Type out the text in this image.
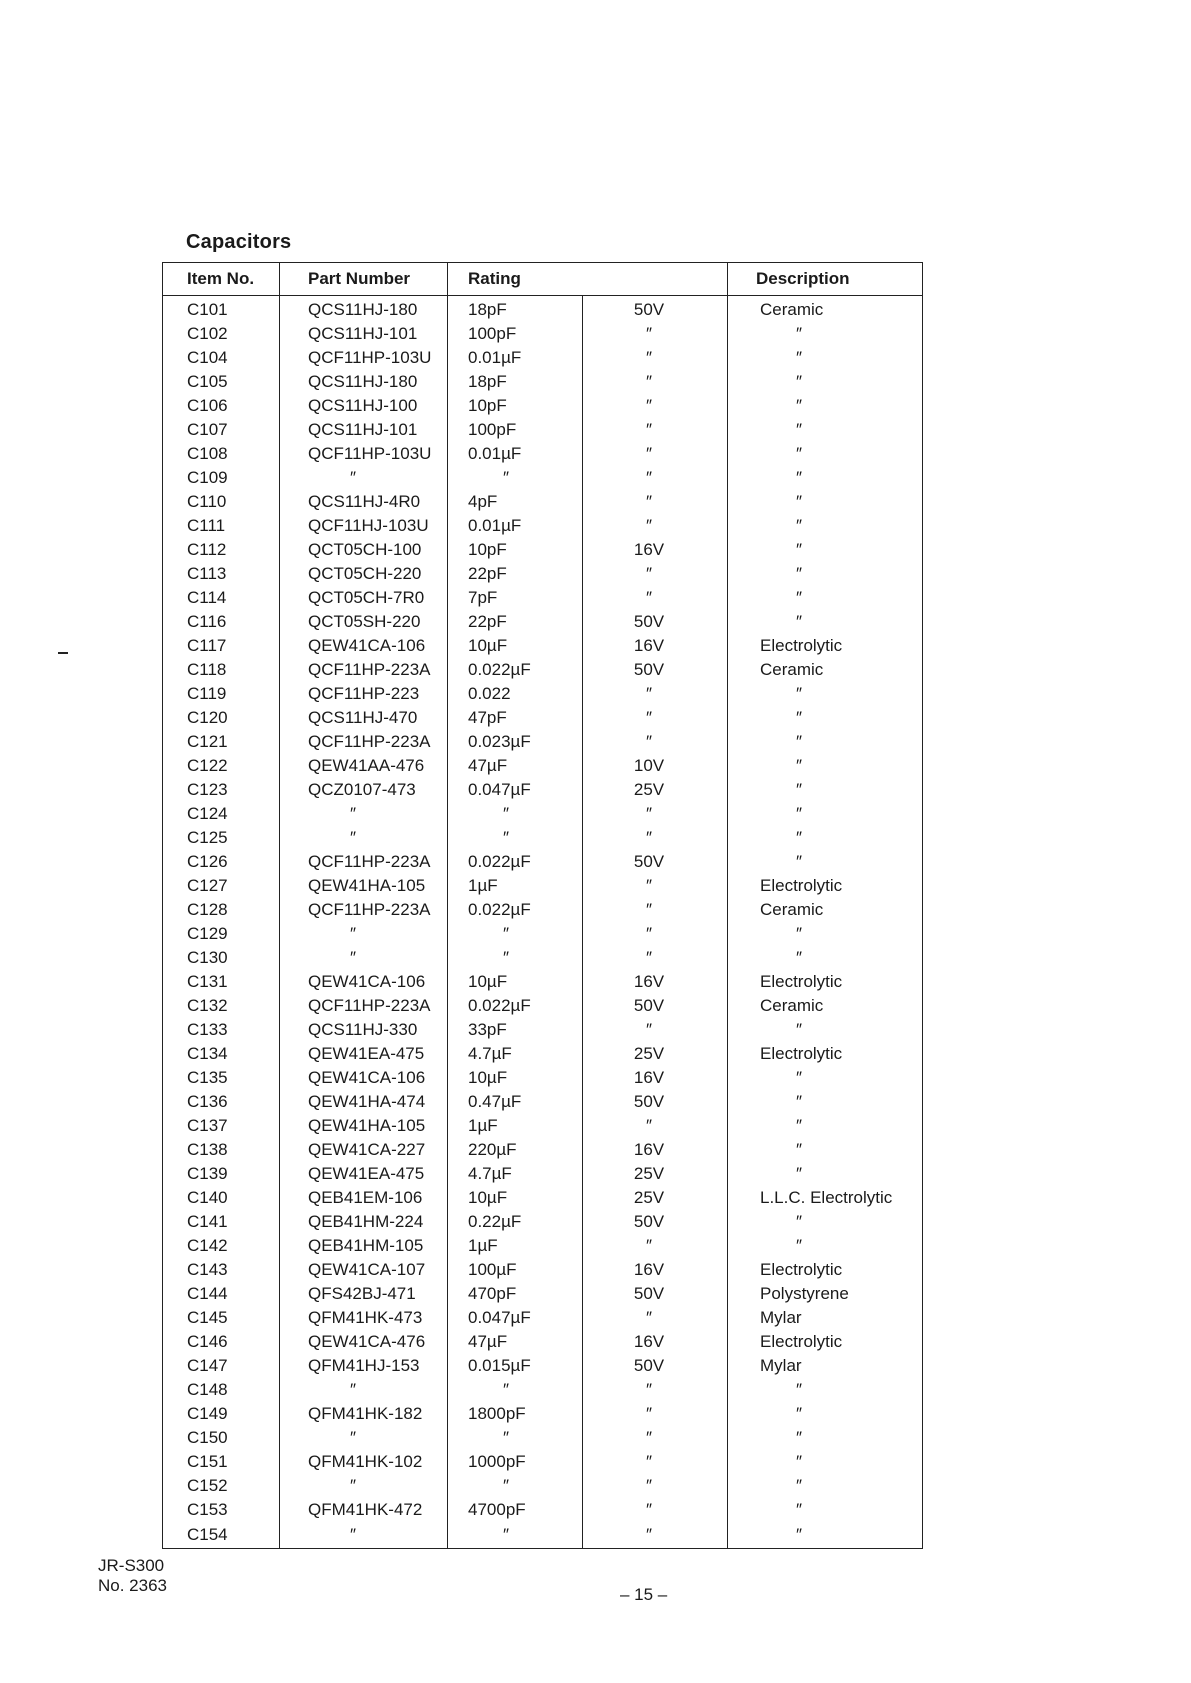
Capacitors
Item No.	Part Number	Rating		Description
C101	QCS11HJ-180	18pF	50V	Ceramic
C102	QCS11HJ-101	100pF	″	″
C104	QCF11HP-103U	0.01µF	″	″
C105	QCS11HJ-180	18pF	″	″
C106	QCS11HJ-100	10pF	″	″
C107	QCS11HJ-101	100pF	″	″
C108	QCF11HP-103U	0.01µF	″	″
C109	″	″	″	″
C110	QCS11HJ-4R0	4pF	″	″
C111	QCF11HJ-103U	0.01µF	″	″
C112	QCT05CH-100	10pF	16V	″
C113	QCT05CH-220	22pF	″	″
C114	QCT05CH-7R0	7pF	″	″
C116	QCT05SH-220	22pF	50V	″
C117	QEW41CA-106	10µF	16V	Electrolytic
C118	QCF11HP-223A	0.022µF	50V	Ceramic
C119	QCF11HP-223	0.022	″	″
C120	QCS11HJ-470	47pF	″	″
C121	QCF11HP-223A	0.023µF	″	″
C122	QEW41AA-476	47µF	10V	″
C123	QCZ0107-473	0.047µF	25V	″
C124	″	″	″	″
C125	″	″	″	″
C126	QCF11HP-223A	0.022µF	50V	″
C127	QEW41HA-105	1µF	″	Electrolytic
C128	QCF11HP-223A	0.022µF	″	Ceramic
C129	″	″	″	″
C130	″	″	″	″
C131	QEW41CA-106	10µF	16V	Electrolytic
C132	QCF11HP-223A	0.022µF	50V	Ceramic
C133	QCS11HJ-330	33pF	″	″
C134	QEW41EA-475	4.7µF	25V	Electrolytic
C135	QEW41CA-106	10µF	16V	″
C136	QEW41HA-474	0.47µF	50V	″
C137	QEW41HA-105	1µF	″	″
C138	QEW41CA-227	220µF	16V	″
C139	QEW41EA-475	4.7µF	25V	″
C140	QEB41EM-106	10µF	25V	L.L.C. Electrolytic
C141	QEB41HM-224	0.22µF	50V	″
C142	QEB41HM-105	1µF	″	″
C143	QEW41CA-107	100µF	16V	Electrolytic
C144	QFS42BJ-471	470pF	50V	Polystyrene
C145	QFM41HK-473	0.047µF	″	Mylar
C146	QEW41CA-476	47µF	16V	Electrolytic
C147	QFM41HJ-153	0.015µF	50V	Mylar
C148	″	″	″	″
C149	QFM41HK-182	1800pF	″	″
C150	″	″	″	″
C151	QFM41HK-102	1000pF	″	″
C152	″	″	″	″
C153	QFM41HK-472	4700pF	″	″
C154	″	″	″	″
JR-S300
No. 2363	– 15 –
